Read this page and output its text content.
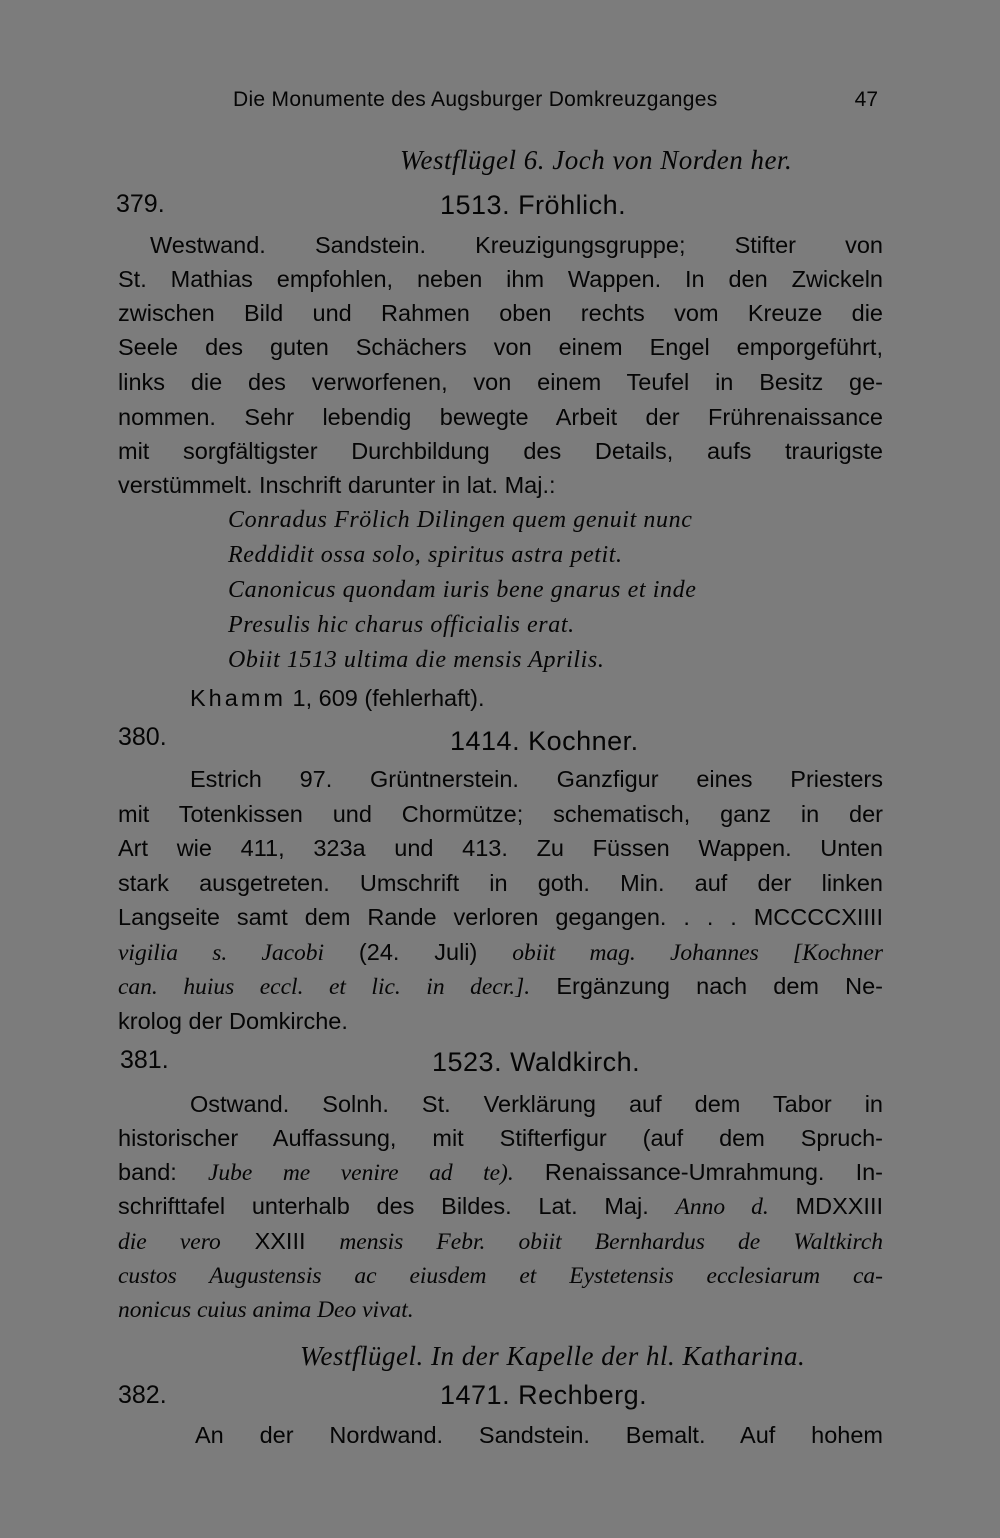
Die Monumente des Augsburger Domkreuzganges	47
Westflügel 6. Joch von Norden her.
379.	1513. Fröhlich.
Westwand. Sandstein. Kreuzigungsgruppe; Stifter von
St. Mathias empfohlen, neben ihm Wappen. In den Zwickeln
zwischen Bild und Rahmen oben rechts vom Kreuze die
Seele des guten Schächers von einem Engel emporgeführt,
links die des verworfenen, von einem Teufel in Besitz ge-
nommen. Sehr lebendig bewegte Arbeit der Frührenaissance
mit sorgfältigster Durchbildung des Details, aufs traurigste
verstümmelt. Inschrift darunter in lat. Maj.:
Conradus Frölich Dilingen quem genuit nunc
Reddidit ossa solo, spiritus astra petit.
Canonicus quondam iuris bene gnarus et inde
Presulis hic charus officialis erat.
Obiit 1513 ultima die mensis Aprilis.
Khamm 1, 609 (fehlerhaft).
380.	1414. Kochner.
Estrich 97. Grüntnerstein. Ganzfigur eines Priesters
mit Totenkissen und Chormütze; schematisch, ganz in der
Art wie 411, 323a und 413. Zu Füssen Wappen. Unten
stark ausgetreten. Umschrift in goth. Min. auf der linken
Langseite samt dem Rande verloren gegangen. . . . MCCCCXIIII
vigilia s. Jacobi (24. Juli) obiit mag. Johannes [Kochner
can. huius eccl. et lic. in decr.]. Ergänzung nach dem Ne-
krolog der Domkirche.
381.	1523. Waldkirch.
Ostwand. Solnh. St. Verklärung auf dem Tabor in
historischer Auffassung, mit Stifterfigur (auf dem Spruch-
band: Jube me venire ad te). Renaissance-Umrahmung. In-
schrifttafel unterhalb des Bildes. Lat. Maj. Anno d. MDXXIII
die vero XXIII mensis Febr. obiit Bernhardus de Waltkirch
custos Augustensis ac eiusdem et Eystetensis ecclesiarum ca-
nonicus cuius anima Deo vivat.
Westflügel. In der Kapelle der hl. Katharina.
382.	1471. Rechberg.
An der Nordwand. Sandstein. Bemalt. Auf hohem
